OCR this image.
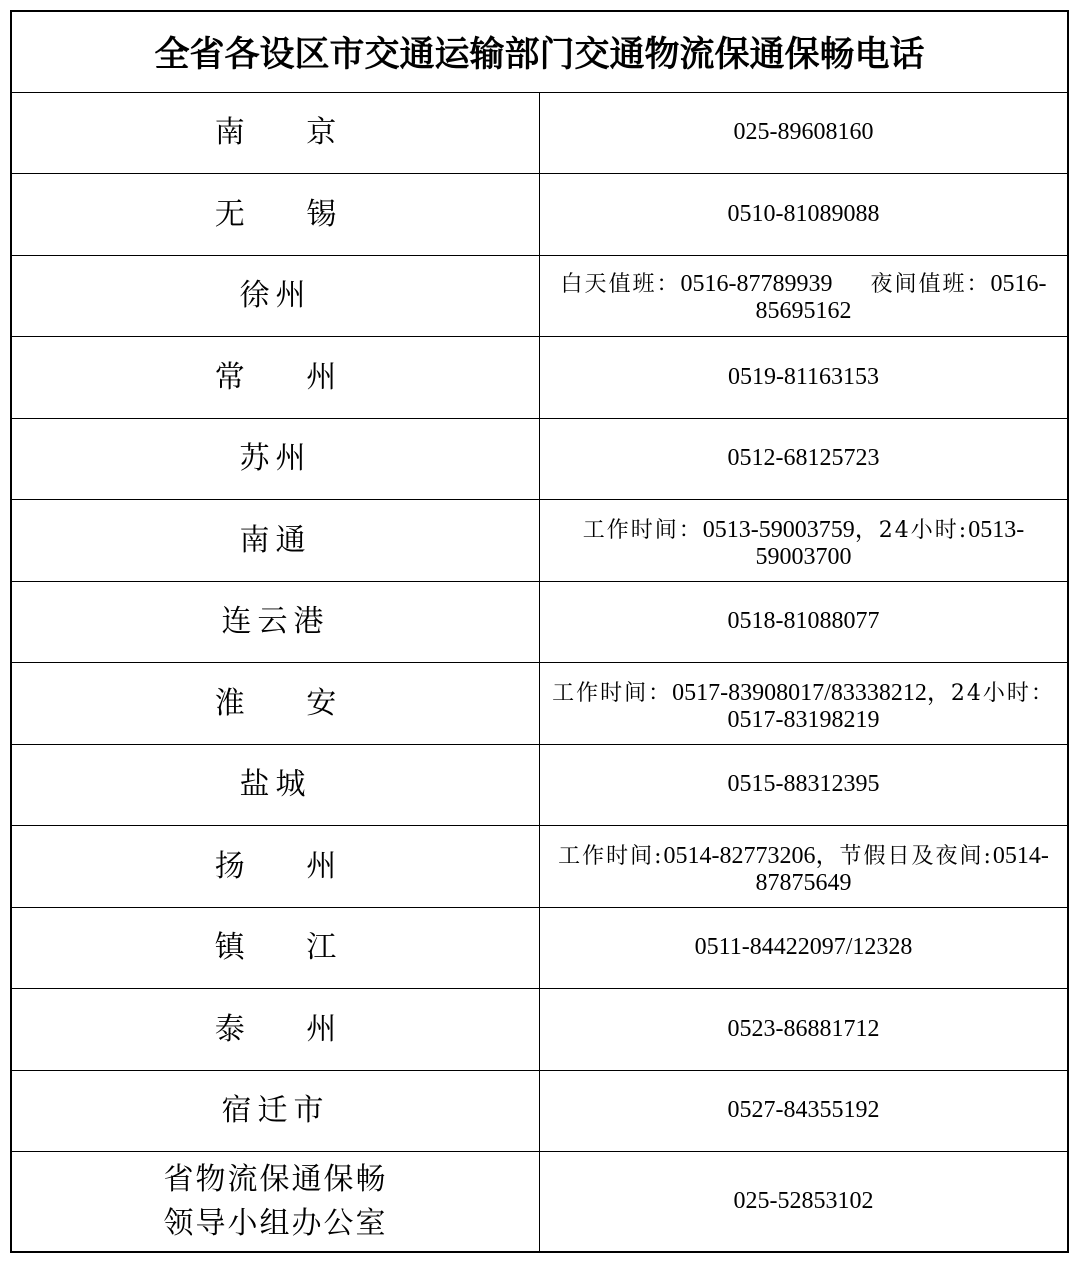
全省各设区市交通运输部门交通物流保通保畅电话	
南 京	025-89608160
无 锡	0510-81089088
徐州	白天值班：0516-87789939 夜间值班：0516-85695162
常 州	0519-81163153
苏州	0512-68125723
南通	工作时间：0513-59003759，24小时:0513-59003700
连云港	0518-81088077
淮 安	工作时间：0517-83908017/83338212，24小时：0517-83198219
盐城	0515-88312395
扬 州	工作时间:0514-82773206，节假日及夜间:0514-87875649
镇 江	0511-84422097/12328
泰 州	0523-86881712
宿迁市	0527-84355192

省物流保通保畅
领导小组办公室	025-52853102
